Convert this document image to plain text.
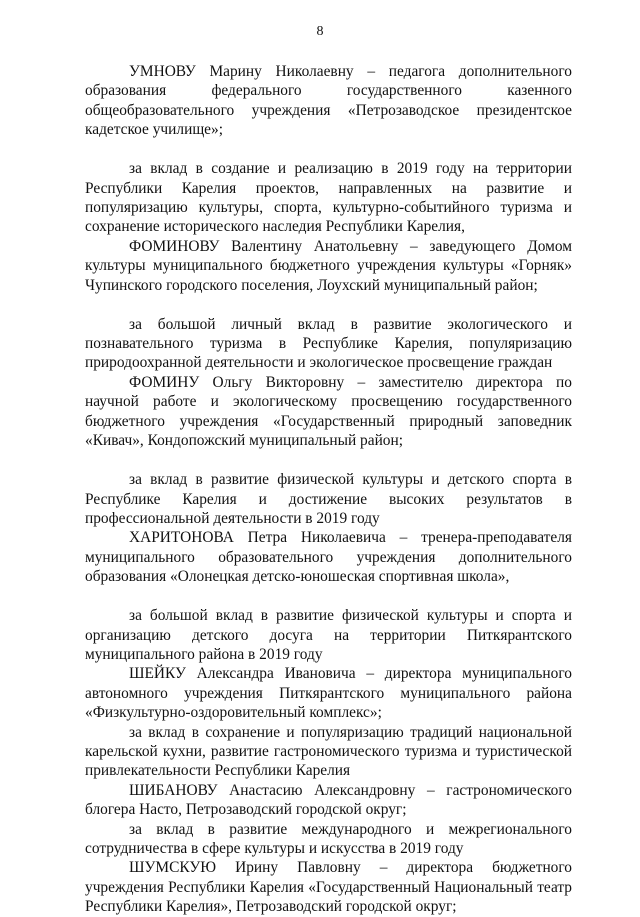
8

УМНОВУ Марину Николаевну – педагога дополнительного образования федерального государственного казенного общеобразовательного учреждения «Петрозаводское президентское кадетское училище»;

за вклад в создание и реализацию в 2019 году на территории Республики Карелия проектов, направленных на развитие и популяризацию культуры, спорта, культурно-событийного туризма и сохранение исторического наследия Республики Карелия,

ФОМИНОВУ Валентину Анатольевну – заведующего Домом культуры муниципального бюджетного учреждения культуры «Горняк» Чупинского городского поселения, Лоухский муниципальный район;

за большой личный вклад в развитие экологического и познавательного туризма в Республике Карелия, популяризацию природоохранной деятельности и экологическое просвещение граждан

ФОМИНУ Ольгу Викторовну – заместителю директора по научной работе и экологическому просвещению государственного бюджетного учреждения «Государственный природный заповедник «Кивач», Кондопожский муниципальный район;

за вклад в развитие физической культуры и детского спорта в Республике Карелия и достижение высоких результатов в профессиональной деятельности в 2019 году

ХАРИТОНОВА Петра Николаевича – тренера-преподавателя муниципального образовательного учреждения дополнительного образования «Олонецкая детско-юношеская спортивная школа»,

за большой вклад в развитие физической культуры и спорта и организацию детского досуга на территории Питкярантского муниципального района в 2019 году

ШЕЙКУ Александра Ивановича – директора муниципального автономного учреждения Питкярантского муниципального района «Физкультурно-оздоровительный комплекс»;

за вклад в сохранение и популяризацию традиций национальной карельской кухни, развитие гастрономического туризма и туристической привлекательности Республики Карелия

ШИБАНОВУ Анастасию Александровну – гастрономического блогера Насто, Петрозаводский городской округ;

за вклад в развитие международного и межрегионального сотрудничества в сфере культуры и искусства в 2019 году

ШУМСКУЮ Ирину Павловну – директора бюджетного учреждения Республики Карелия «Государственный Национальный театр Республики Карелия», Петрозаводский городской округ;
